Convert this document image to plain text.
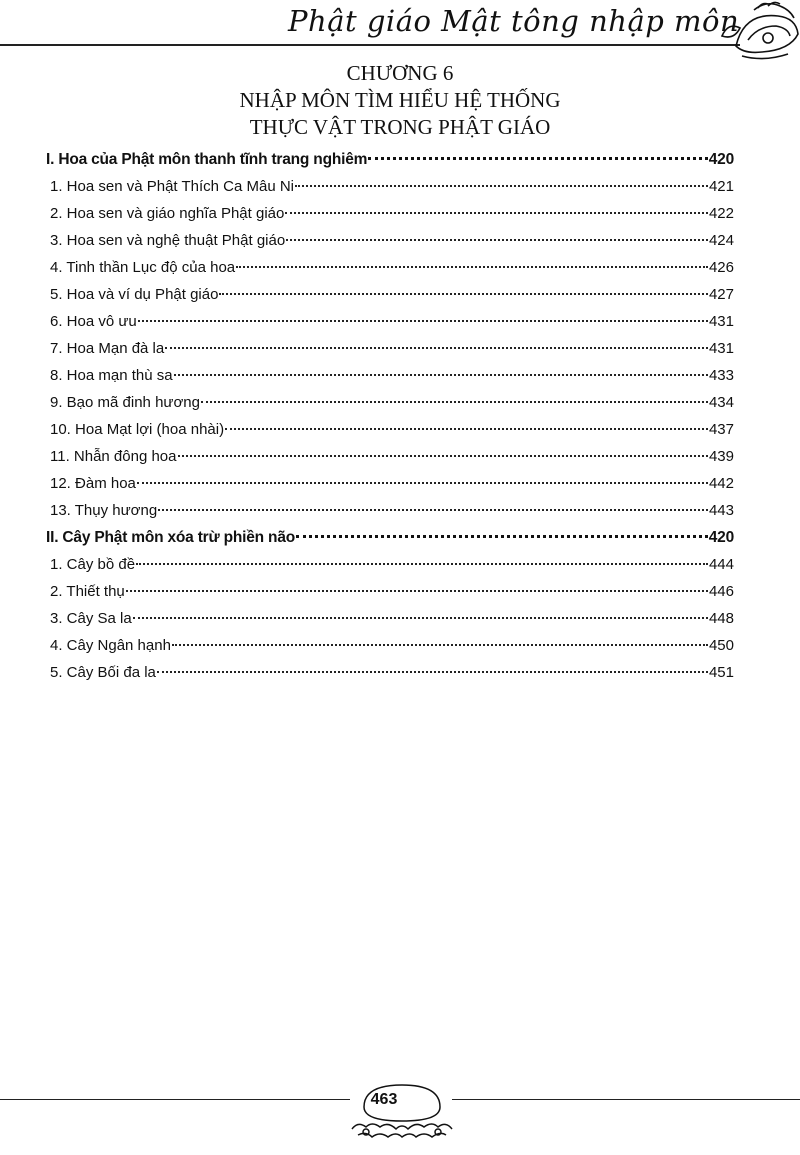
Phật giáo Mật tông nhập môn
CHƯƠNG 6
NHẬP MÔN TÌM HIỂU HỆ THỐNG
THỰC VẬT TRONG PHẬT GIÁO
I. Hoa của Phật môn thanh tĩnh trang nghiêm	420
1. Hoa sen và Phật Thích Ca Mâu Ni	421
2. Hoa sen và giáo nghĩa Phật giáo	422
3. Hoa sen và nghệ thuật Phật giáo	424
4. Tinh thần Lục độ của hoa	426
5. Hoa và ví dụ Phật giáo	427
6. Hoa vô ưu	431
7. Hoa Mạn đà la	431
8. Hoa mạn thù sa	433
9. Bạo mã đinh hương	434
10. Hoa Mạt lợi (hoa nhài)	437
11. Nhẫn đông hoa	439
12. Đàm hoa	442
13. Thụy hương	443
II. Cây Phật môn xóa trừ phiền não	420
1. Cây bồ đề	444
2. Thiết thụ	446
3. Cây Sa la	448
4. Cây Ngân hạnh	450
5. Cây Bối đa la	451
463
